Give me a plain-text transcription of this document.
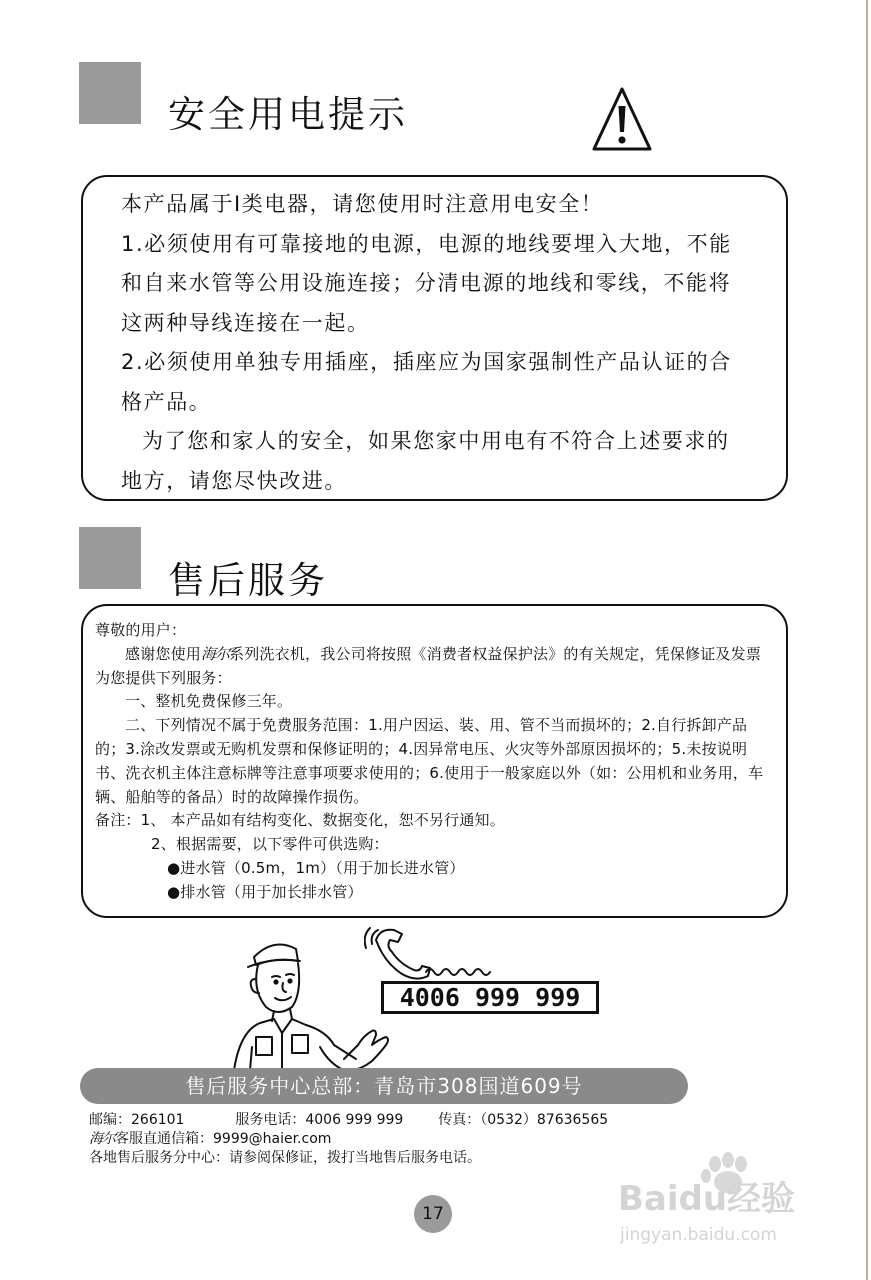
安全用电提示

本产品属于I类电器，请您使用时注意用电安全！

1.必须使用有可靠接地的电源，电源的地线要埋入大地，不能和自来水管等公用设施连接；分清电源的地线和零线，不能将这两种导线连接在一起。

2.必须使用单独专用插座，插座应为国家强制性产品认证的合格产品。

为了您和家人的安全，如果您家中用电有不符合上述要求的地方，请您尽快改进。

售后服务

尊敬的用户：

感谢您使用海尔系列洗衣机，我公司将按照《消费者权益保护法》的有关规定，凭保修证及发票为您提供下列服务：

一、整机免费保修三年。

二、下列情况不属于免费服务范围：1.用户因运、装、用、管不当而损坏的；2.自行拆卸产品的；3.涂改发票或无购机发票和保修证明的；4.因异常电压、火灾等外部原因损坏的；5.未按说明书、洗衣机主体注意标牌等注意事项要求使用的；6.使用于一般家庭以外（如：公用机和业务用，车辆、船舶等的备品）时的故障操作损伤。

备注：1、 本产品如有结构变化、数据变化，恕不另行通知。

2、根据需要，以下零件可供选购：

●进水管（0.5m，1m）（用于加长进水管）

●排水管（用于加长排水管）

4006 999 999
售后服务中心总部：青岛市308国道609号
邮编：266101	服务电话：4006 999 999 传真：（0532）87636565
海尔客服直通信箱：9999@haier.com
各地售后服务分中心：请参阅保修证，拨打当地售后服务电话。
17	Baidu经验
jingyan.baidu.com
